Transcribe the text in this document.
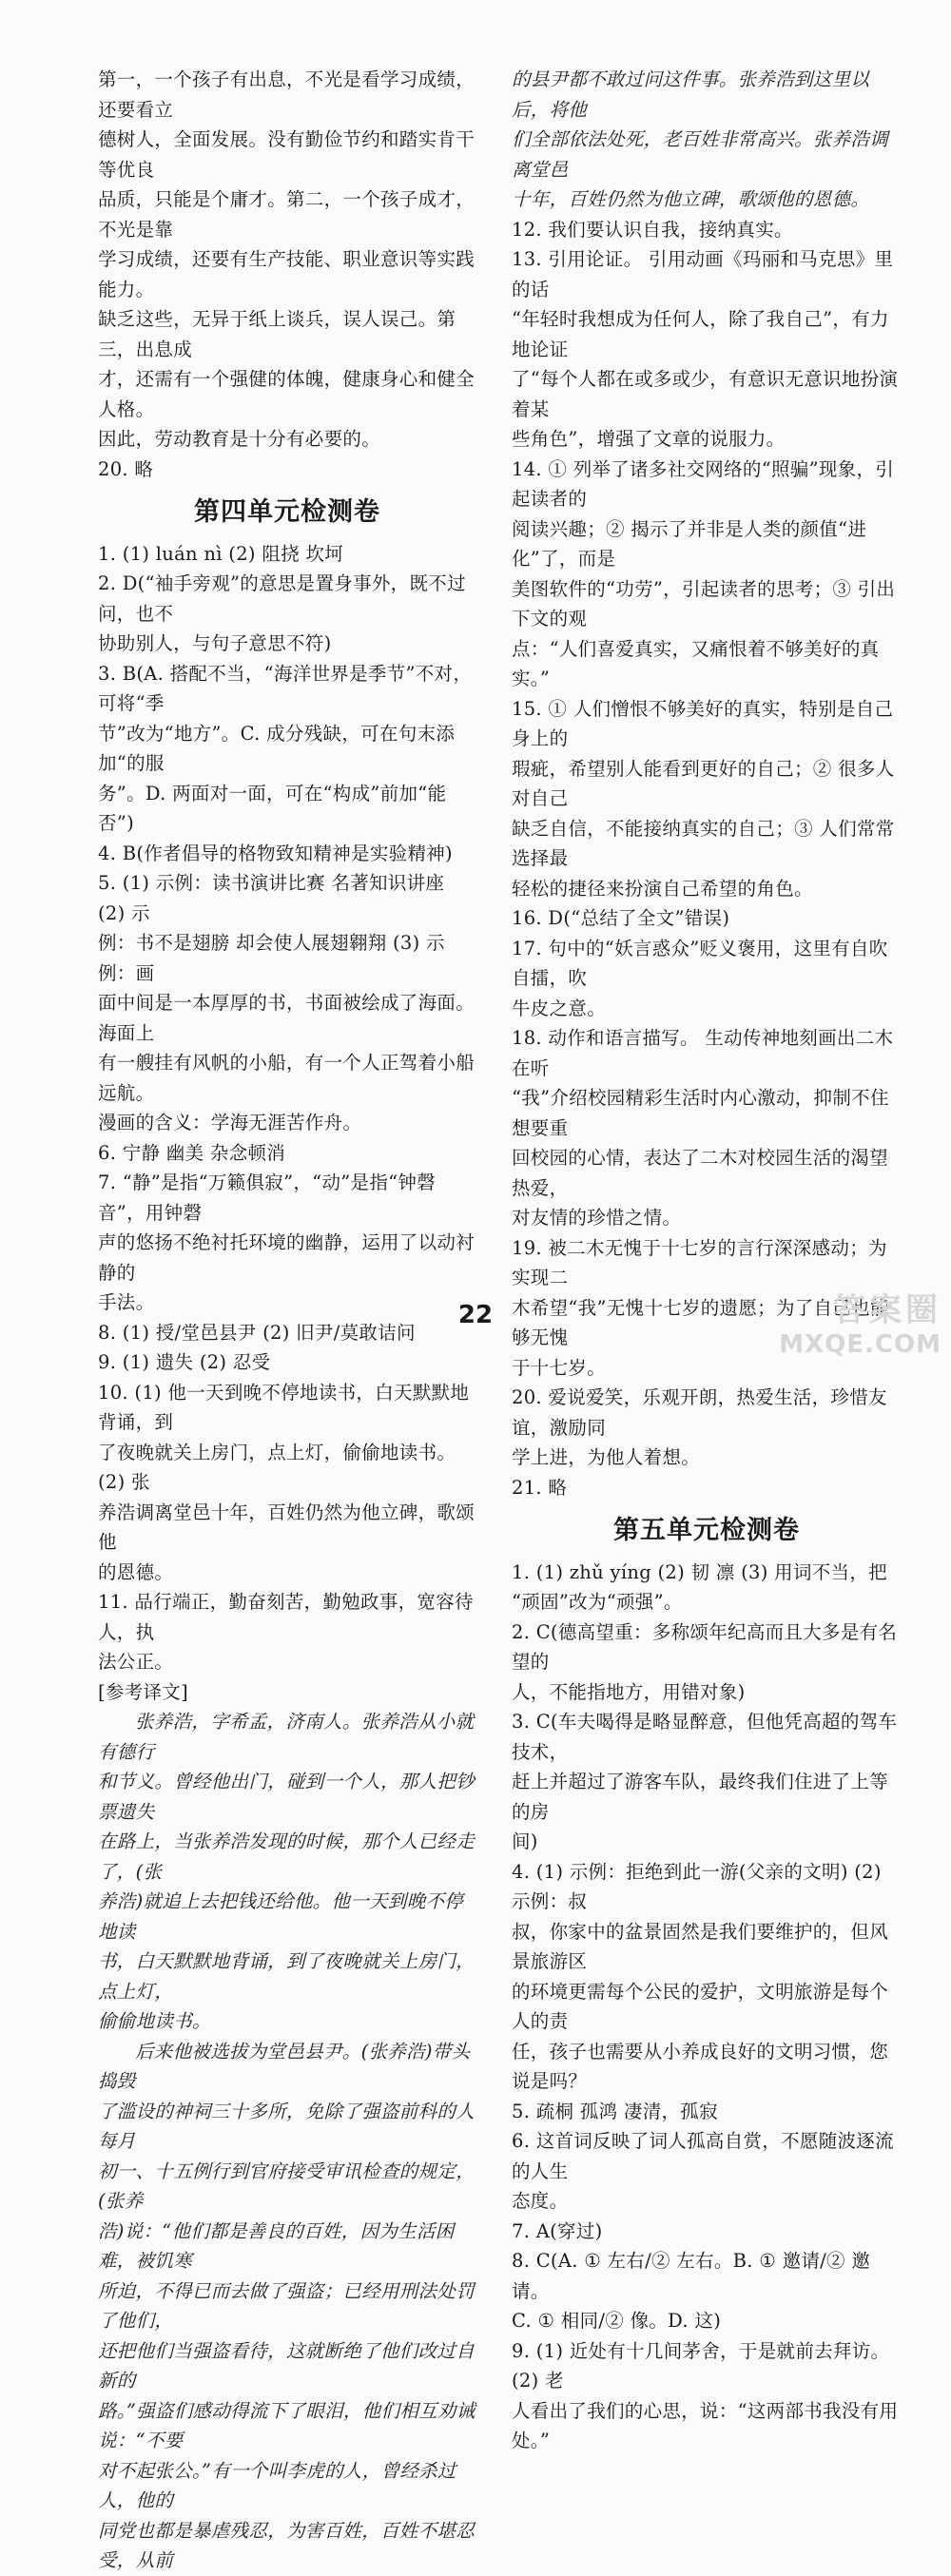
第一，一个孩子有出息，不光是看学习成绩，还要看立

德树人，全面发展。没有勤俭节约和踏实肯干等优良

品质，只能是个庸才。第二，一个孩子成才，不光是靠

学习成绩，还要有生产技能、职业意识等实践能力。

缺乏这些，无异于纸上谈兵，误人误己。第三，出息成

才，还需有一个强健的体魄，健康身心和健全人格。

因此，劳动教育是十分有必要的。

20. 略

第四单元检测卷

1. (1) luán nì (2) 阻挠 坎坷

2. D(“袖手旁观”的意思是置身事外，既不过问，也不

协助别人，与句子意思不符)

3. B(A. 搭配不当，“海洋世界是季节”不对，可将“季

节”改为“地方”。C. 成分残缺，可在句末添加“的服

务”。D. 两面对一面，可在“构成”前加“能否”)

4. B(作者倡导的格物致知精神是实验精神)

5. (1) 示例：读书演讲比赛 名著知识讲座 (2) 示

例：书不是翅膀 却会使人展翅翱翔 (3) 示例：画

面中间是一本厚厚的书，书面被绘成了海面。海面上

有一艘挂有风帆的小船，有一个人正驾着小船远航。

漫画的含义：学海无涯苦作舟。

6. 宁静 幽美 杂念顿消

7. “静”是指“万籁俱寂”，“动”是指“钟磬音”，用钟磬

声的悠扬不绝衬托环境的幽静，运用了以动衬静的

手法。

8. (1) 授/堂邑县尹 (2) 旧尹/莫敢诘问

9. (1) 遗失 (2) 忍受

10. (1) 他一天到晚不停地读书，白天默默地背诵，到

了夜晚就关上房门，点上灯，偷偷地读书。 (2) 张

养浩调离堂邑十年，百姓仍然为他立碑，歌颂他

的恩德。

11. 品行端正，勤奋刻苦，勤勉政事，宽容待人，执

法公正。

[参考译文]

张养浩，字希孟，济南人。张养浩从小就有德行

和节义。曾经他出门，碰到一个人，那人把钞票遗失

在路上，当张养浩发现的时候，那个人已经走了，(张

养浩)就追上去把钱还给他。他一天到晚不停地读

书，白天默默地背诵，到了夜晚就关上房门，点上灯，

偷偷地读书。

后来他被选拔为堂邑县尹。(张养浩)带头捣毁

了滥设的神祠三十多所，免除了强盗前科的人每月

初一、十五例行到官府接受审讯检查的规定，(张养

浩)说：“他们都是善良的百姓，因为生活困难，被饥寒

所迫，不得已而去做了强盗；已经用刑法处罚了他们，

还把他们当强盗看待，这就断绝了他们改过自新的

路。”强盗们感动得流下了眼泪，他们相互劝诫说：“不要

对不起张公。”有一个叫李虎的人，曾经杀过人，他的

同党也都是暴虐残忍，为害百姓，百姓不堪忍受，从前

的县尹都不敢过问这件事。张养浩到这里以后，将他

们全部依法处死，老百姓非常高兴。张养浩调离堂邑

十年，百姓仍然为他立碑，歌颂他的恩德。

12. 我们要认识自我，接纳真实。

13. 引用论证。 引用动画《玛丽和马克思》里的话

“年轻时我想成为任何人，除了我自己”，有力地论证

了“每个人都在或多或少，有意识无意识地扮演着某

些角色”，增强了文章的说服力。

14. ① 列举了诸多社交网络的“照骗”现象，引起读者的

阅读兴趣；② 揭示了并非是人类的颜值“进化”了，而是

美图软件的“功劳”，引起读者的思考；③ 引出下文的观

点：“人们喜爱真实，又痛恨着不够美好的真实。”

15. ① 人们憎恨不够美好的真实，特别是自己身上的

瑕疵，希望别人能看到更好的自己；② 很多人对自己

缺乏自信，不能接纳真实的自己；③ 人们常常选择最

轻松的捷径来扮演自己希望的角色。

16. D(“总结了全文”错误)

17. 句中的“妖言惑众”贬义褒用，这里有自吹自擂，吹

牛皮之意。

18. 动作和语言描写。 生动传神地刻画出二木在听

“我”介绍校园精彩生活时内心激动，抑制不住想要重

回校园的心情，表达了二木对校园生活的渴望热爱，

对友情的珍惜之情。

19. 被二木无愧于十七岁的言行深深感动；为实现二

木希望“我”无愧十七岁的遗愿；为了自己也能够无愧

于十七岁。

20. 爱说爱笑，乐观开朗，热爱生活，珍惜友谊，激励同

学上进，为他人着想。

21. 略

第五单元检测卷

1. (1) zhǔ yíng (2) 韧 凛 (3) 用词不当，把

“顽固”改为“顽强”。

2. C(德高望重：多称颂年纪高而且大多是有名望的

人，不能指地方，用错对象)

3. C(车夫喝得是略显醉意，但他凭高超的驾车技术，

赶上并超过了游客车队，最终我们住进了上等的房

间)

4. (1) 示例：拒绝到此一游(父亲的文明) (2) 示例：叔

叔，你家中的盆景固然是我们要维护的，但风景旅游区

的环境更需每个公民的爱护，文明旅游是每个人的责

任，孩子也需要从小养成良好的文明习惯，您说是吗？

5. 疏桐 孤鸿 凄清，孤寂

6. 这首词反映了词人孤高自赏，不愿随波逐流的人生

态度。

7. A(穿过)

8. C(A. ① 左右/② 左右。B. ① 邀请/② 邀请。

C. ① 相同/② 像。D. 这)

9. (1) 近处有十几间茅舍，于是就前去拜访。 (2) 老

人看出了我们的心思，说：“这两部书我没有用处。”

22	答案圈
MXQE.COM
